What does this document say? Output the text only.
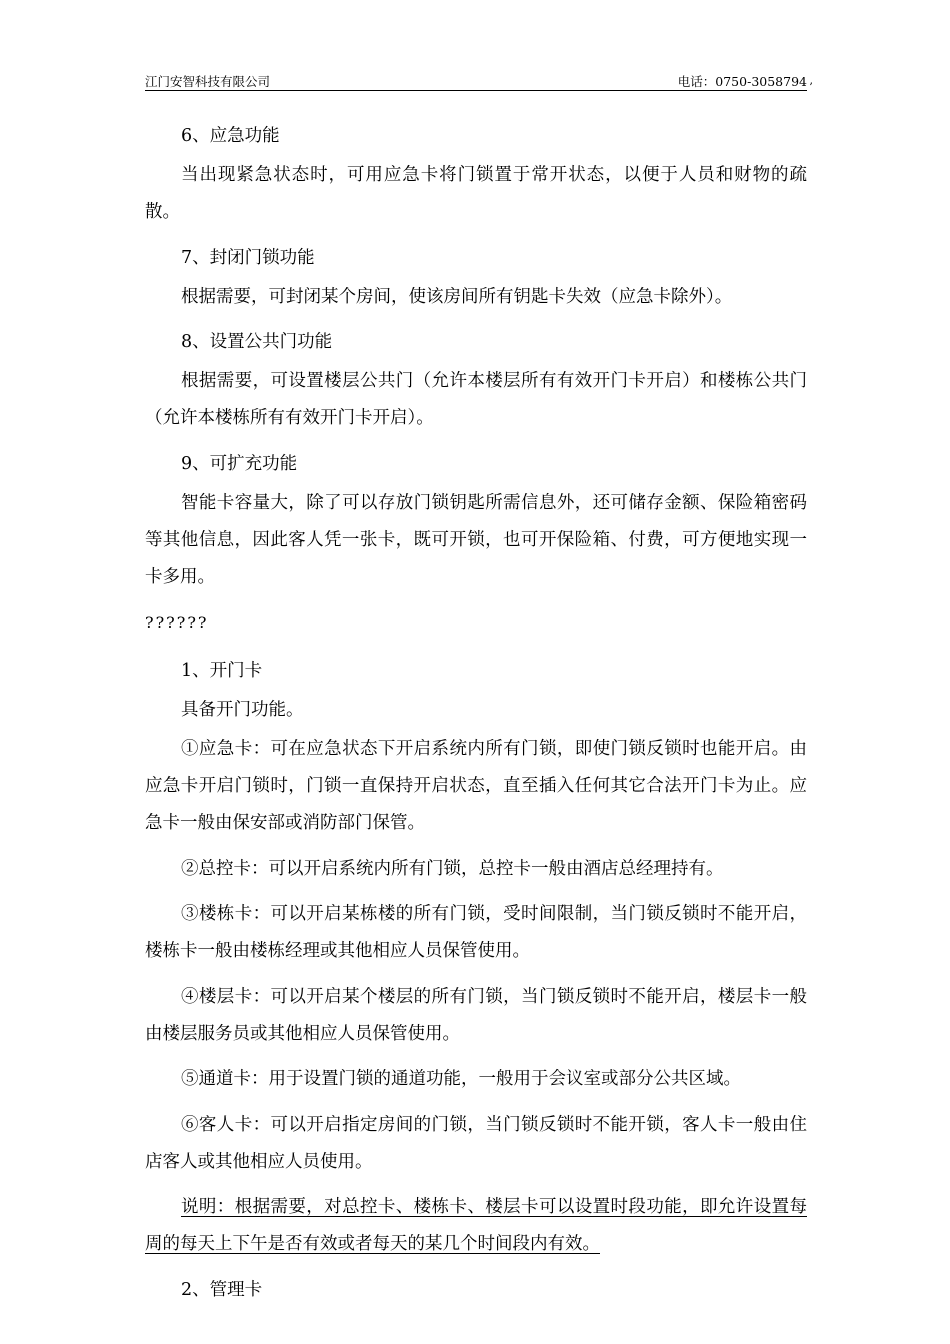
江门安智科技有限公司	电话：0750-3058794 ,

6、应急功能

当出现紧急状态时，可用应急卡将门锁置于常开状态，以便于人员和财物的疏散。

7、封闭门锁功能

根据需要，可封闭某个房间，使该房间所有钥匙卡失效（应急卡除外）。

8、设置公共门功能

根据需要，可设置楼层公共门（允许本楼层所有有效开门卡开启）和楼栋公共门（允许本楼栋所有有效开门卡开启）。

9、可扩充功能

智能卡容量大，除了可以存放门锁钥匙所需信息外，还可储存金额、保险箱密码等其他信息，因此客人凭一张卡，既可开锁，也可开保险箱、付费，可方便地实现一卡多用。

??????

1、开门卡

具备开门功能。

①应急卡：可在应急状态下开启系统内所有门锁，即使门锁反锁时也能开启。由应急卡开启门锁时，门锁一直保持开启状态，直至插入任何其它合法开门卡为止。应急卡一般由保安部或消防部门保管。

②总控卡：可以开启系统内所有门锁，总控卡一般由酒店总经理持有。

③楼栋卡：可以开启某栋楼的所有门锁，受时间限制，当门锁反锁时不能开启，楼栋卡一般由楼栋经理或其他相应人员保管使用。

④楼层卡：可以开启某个楼层的所有门锁，当门锁反锁时不能开启，楼层卡一般由楼层服务员或其他相应人员保管使用。

⑤通道卡：用于设置门锁的通道功能，一般用于会议室或部分公共区域。

⑥客人卡：可以开启指定房间的门锁，当门锁反锁时不能开锁，客人卡一般由住店客人或其他相应人员使用。

说明：根据需要，对总控卡、楼栋卡、楼层卡可以设置时段功能，即允许设置每周的每天上下午是否有效或者每天的某几个时间段内有效。

2、管理卡
